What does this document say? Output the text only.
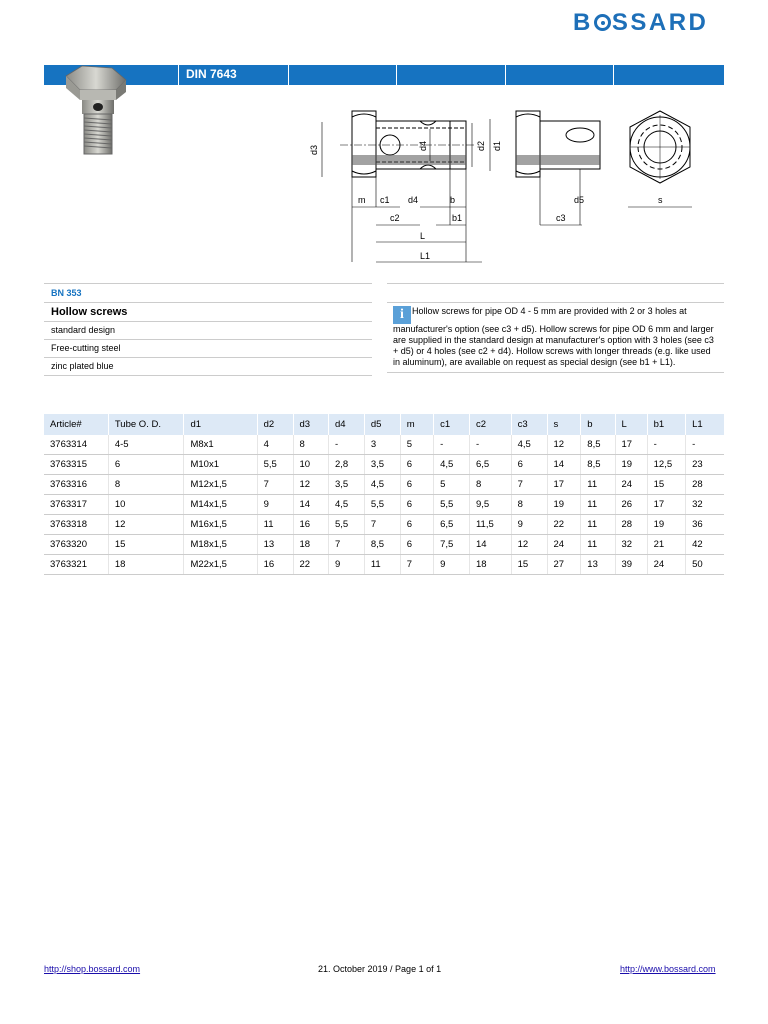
B SSARD
DIN 7643
d3	d4	d2 d1
m c1 d4	b
c2	b1
L
L1
d5
c3
s
BN 353
Hollow screws
standard design
Free-cutting steel
zinc plated blue
i Hollow screws for pipe OD 4 - 5 mm are provided with 2 or 3 holes at manufacturer's option (see c3 + d5). Hollow screws for pipe OD 6 mm and larger are supplied in the standard design at manufacturer's option with 3 holes (see c3 + d5) or 4 holes (see c2 + d4). Hollow screws with longer threads (e.g. like used in aluminum), are available on request as special design (see b1 + L1).
Article#	Tube O. D.	d1	d2	d3	d4	d5	m	c1	c2	c3	s	b	L	b1	L1
3763314	4-5	M8x1	4	8	-	3	5	-	-	4,5	12	8,5	17	-	-
3763315	6	M10x1	5,5	10	2,8	3,5	6	4,5	6,5	6	14	8,5	19	12,5	23
3763316	8	M12x1,5	7	12	3,5	4,5	6	5	8	7	17	11	24	15	28
3763317	10	M14x1,5	9	14	4,5	5,5	6	5,5	9,5	8	19	11	26	17	32
3763318	12	M16x1,5	11	16	5,5	7	6	6,5	11,5	9	22	11	28	19	36
3763320	15	M18x1,5	13	18	7	8,5	6	7,5	14	12	24	11	32	21	42
3763321	18	M22x1,5	16	22	9	11	7	9	18	15	27	13	39	24	50
http://shop.bossard.com	21. October 2019 / Page 1 of 1	http://www.bossard.com
